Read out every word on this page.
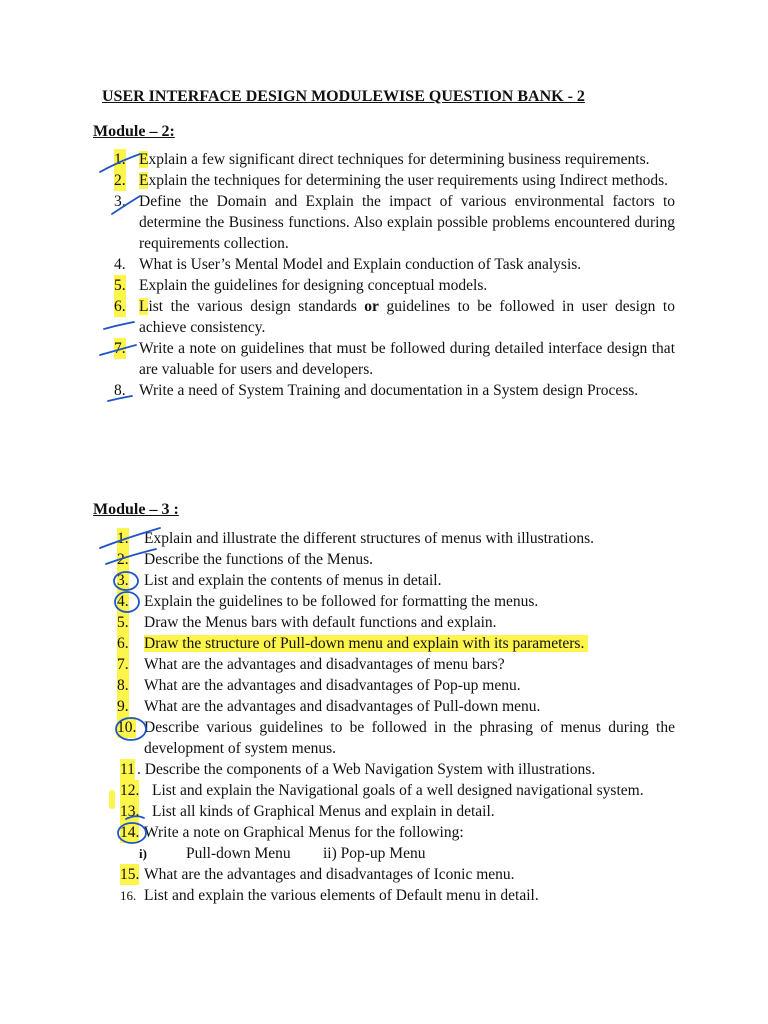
USER INTERFACE DESIGN MODULEWISE QUESTION BANK - 2
Module – 2:
1. Explain a few significant direct techniques for determining business requirements.
2. Explain the techniques for determining the user requirements using Indirect methods.
3. Define the Domain and Explain the impact of various environmental factors to determine the Business functions. Also explain possible problems encountered during requirements collection.
4. What is User’s Mental Model and Explain conduction of Task analysis.
5. Explain the guidelines for designing conceptual models.
6. List the various design standards or guidelines to be followed in user design to achieve consistency.
7. Write a note on guidelines that must be followed during detailed interface design that are valuable for users and developers.
8. Write a need of System Training and documentation in a System design Process.
Module – 3 :
1. Explain and illustrate the different structures of menus with illustrations.
2. Describe the functions of the Menus.
3. List and explain the contents of menus in detail.
4. Explain the guidelines to be followed for formatting the menus.
5. Draw the Menus bars with default functions and explain.
6. Draw the structure of Pull-down menu and explain with its parameters.
7. What are the advantages and disadvantages of menu bars?
8. What are the advantages and disadvantages of Pop-up menu.
9. What are the advantages and disadvantages of Pull-down menu.
10. Describe various guidelines to be followed in the phrasing of menus during the development of system menus.
11 . Describe the components of a Web Navigation System with illustrations.
12. List and explain the Navigational goals of a well designed navigational system.
13. List all kinds of Graphical Menus and explain in detail.
14. Write a note on Graphical Menus for the following:
i)	Pull-down Menu ii) Pop-up Menu
15. What are the advantages and disadvantages of Iconic menu.
16. List and explain the various elements of Default menu in detail.
